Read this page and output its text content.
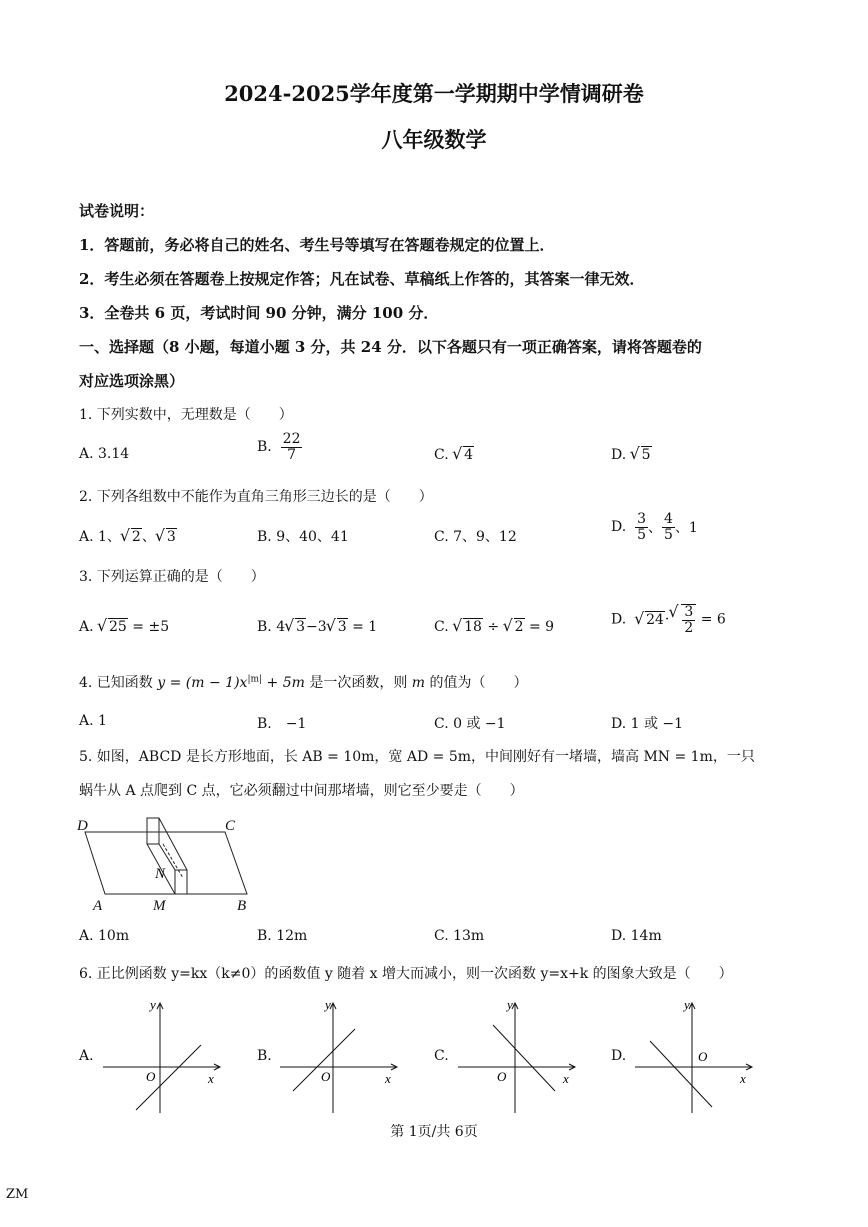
2024-2025学年度第一学期期中学情调研卷
八年级数学
试卷说明：
1．答题前，务必将自己的姓名、考生号等填写在答题卷规定的位置上．
2．考生必须在答题卷上按规定作答；凡在试卷、草稿纸上作答的，其答案一律无效．
3．全卷共 6 页，考试时间 90 分钟，满分 100 分．
一、选择题（8 小题，每道小题 3 分，共 24 分．以下各题只有一项正确答案，请将答题卷的
对应选项涂黑）
1. 下列实数中，无理数是（　　）
A. 3.14	B. $\frac{22}{7}$	C. √ 4	D. √ 5
2. 下列各组数中不能作为直角三角形三边长的是（　　）
A. 1、 √ 2、 √ 3	B. 9、40、41	C. 7、9、12
D. $\frac{3}{5}$ 、 $\frac{4}{5}$ 、1
3. 下列运算正确的是（　　）
A. √ 25 = ±5	B. 4 √ 3−3 √ 3 = 1	C. √ 18 ÷ √ 2 = 9	D. √ 24· √ $\frac{3}{2} = 6$
4. 已知函数 $y = (m - 1)x^{|m|} + 5m$ 是一次函数，则 m 的值为（　　）
A. 1	B.　−1	C. 0 或 −1	D. 1 或 −1
5. 如图，ABCD 是长方形地面，长 AB = 10m，宽 AD = 5m，中间刚好有一堵墙，墙高 MN = 1m，一只
蜗牛从 A 点爬到 C 点，它必须翻过中间那堵墙，则它至少要走（　　）
D	C
A	B
M
N
A. 10m	B. 12m	C. 13m	D. 14m
6. 正比例函数 y=kx（k≠0）的函数值 y 随着 x 增大而减小，则一次函数 y=x+k 的图象大致是（　　）
A.	B.	C.	D.
y
x
O
y
x
O
y
x
O
y
x
O
第 1页/共 6页
ZM
